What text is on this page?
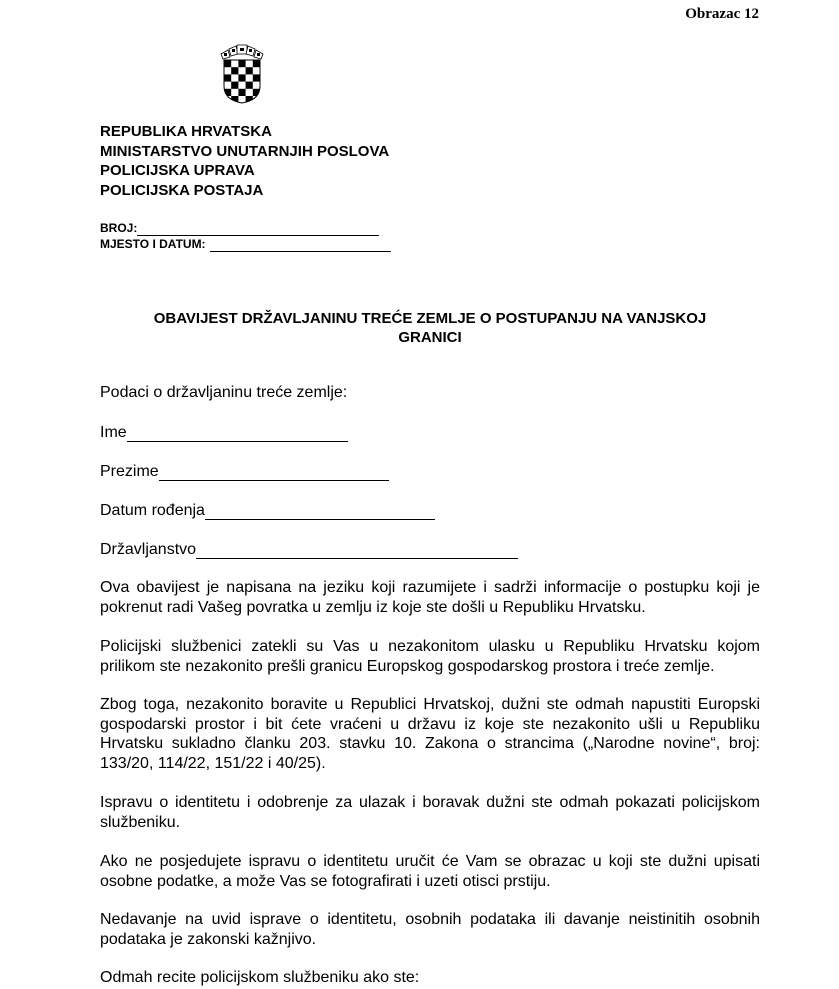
Obrazac 12
REPUBLIKA HRVATSKA
MINISTARSTVO UNUTARNJIH POSLOVA
POLICIJSKA UPRAVA
POLICIJSKA POSTAJA
BROJ:
MJESTO I DATUM:
OBAVIJEST DRŽAVLJANINU TREĆE ZEMLJE O POSTUPANJU NA VANJSKOJ
GRANICI
Podaci o državljaninu treće zemlje:
Ime
Prezime
Datum rođenja
Državljanstvo
Ova obavijest je napisana na jeziku koji razumijete i sadrži informacije o postupku koji je
pokrenut radi Vašeg povratka u zemlju iz koje ste došli u Republiku Hrvatsku.
Policijski službenici zatekli su Vas u nezakonitom ulasku u Republiku Hrvatsku kojom
prilikom ste nezakonito prešli granicu Europskog gospodarskog prostora i treće zemlje.
Zbog toga, nezakonito boravite u Republici Hrvatskoj, dužni ste odmah napustiti Europski
gospodarski prostor i bit ćete vraćeni u državu iz koje ste nezakonito ušli u Republiku
Hrvatsku sukladno članku 203. stavku 10. Zakona o strancima („Narodne novine“, broj:
133/20, 114/22, 151/22 i 40/25).
Ispravu o identitetu i odobrenje za ulazak i boravak dužni ste odmah pokazati policijskom
službeniku.
Ako ne posjedujete ispravu o identitetu uručit će Vam se obrazac u koji ste dužni upisati
osobne podatke, a može Vas se fotografirati i uzeti otisci prstiju.
Nedavanje na uvid isprave o identitetu, osobnih podataka ili davanje neistinitih osobnih
podataka je zakonski kažnjivo.
Odmah recite policijskom službeniku ako ste:
